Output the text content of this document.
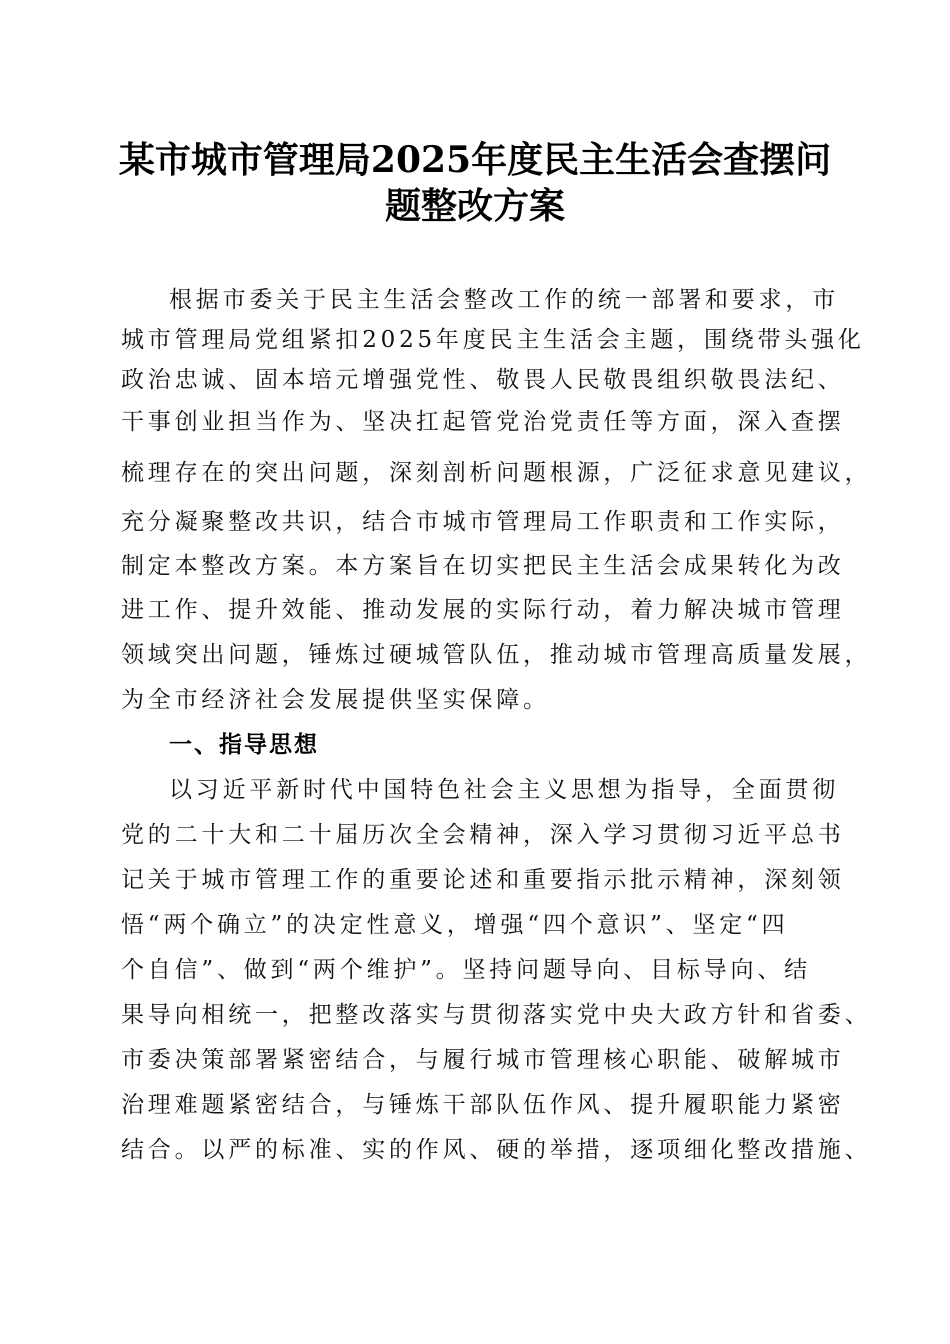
某市城市管理局2025年度民主生活会查摆问
题整改方案
根据市委关于民主生活会整改工作的统一部署和要求，市
城市管理局党组紧扣2025年度民主生活会主题，围绕带头强化
政治忠诚、固本培元增强党性、敬畏人民敬畏组织敬畏法纪、
干事创业担当作为、坚决扛起管党治党责任等方面，深入查摆
梳理存在的突出问题，深刻剖析问题根源，广泛征求意见建议，
充分凝聚整改共识，结合市城市管理局工作职责和工作实际，
制定本整改方案。本方案旨在切实把民主生活会成果转化为改
进工作、提升效能、推动发展的实际行动，着力解决城市管理
领域突出问题，锤炼过硬城管队伍，推动城市管理高质量发展，
为全市经济社会发展提供坚实保障。
一、指导思想
以习近平新时代中国特色社会主义思想为指导，全面贯彻
党的二十大和二十届历次全会精神，深入学习贯彻习近平总书
记关于城市管理工作的重要论述和重要指示批示精神，深刻领
悟“两个确立”的决定性意义，增强“四个意识”、坚定“四
个自信”、做到“两个维护”。坚持问题导向、目标导向、结
果导向相统一，把整改落实与贯彻落实党中央大政方针和省委、
市委决策部署紧密结合，与履行城市管理核心职能、破解城市
治理难题紧密结合，与锤炼干部队伍作风、提升履职能力紧密
结合。以严的标准、实的作风、硬的举措，逐项细化整改措施、
